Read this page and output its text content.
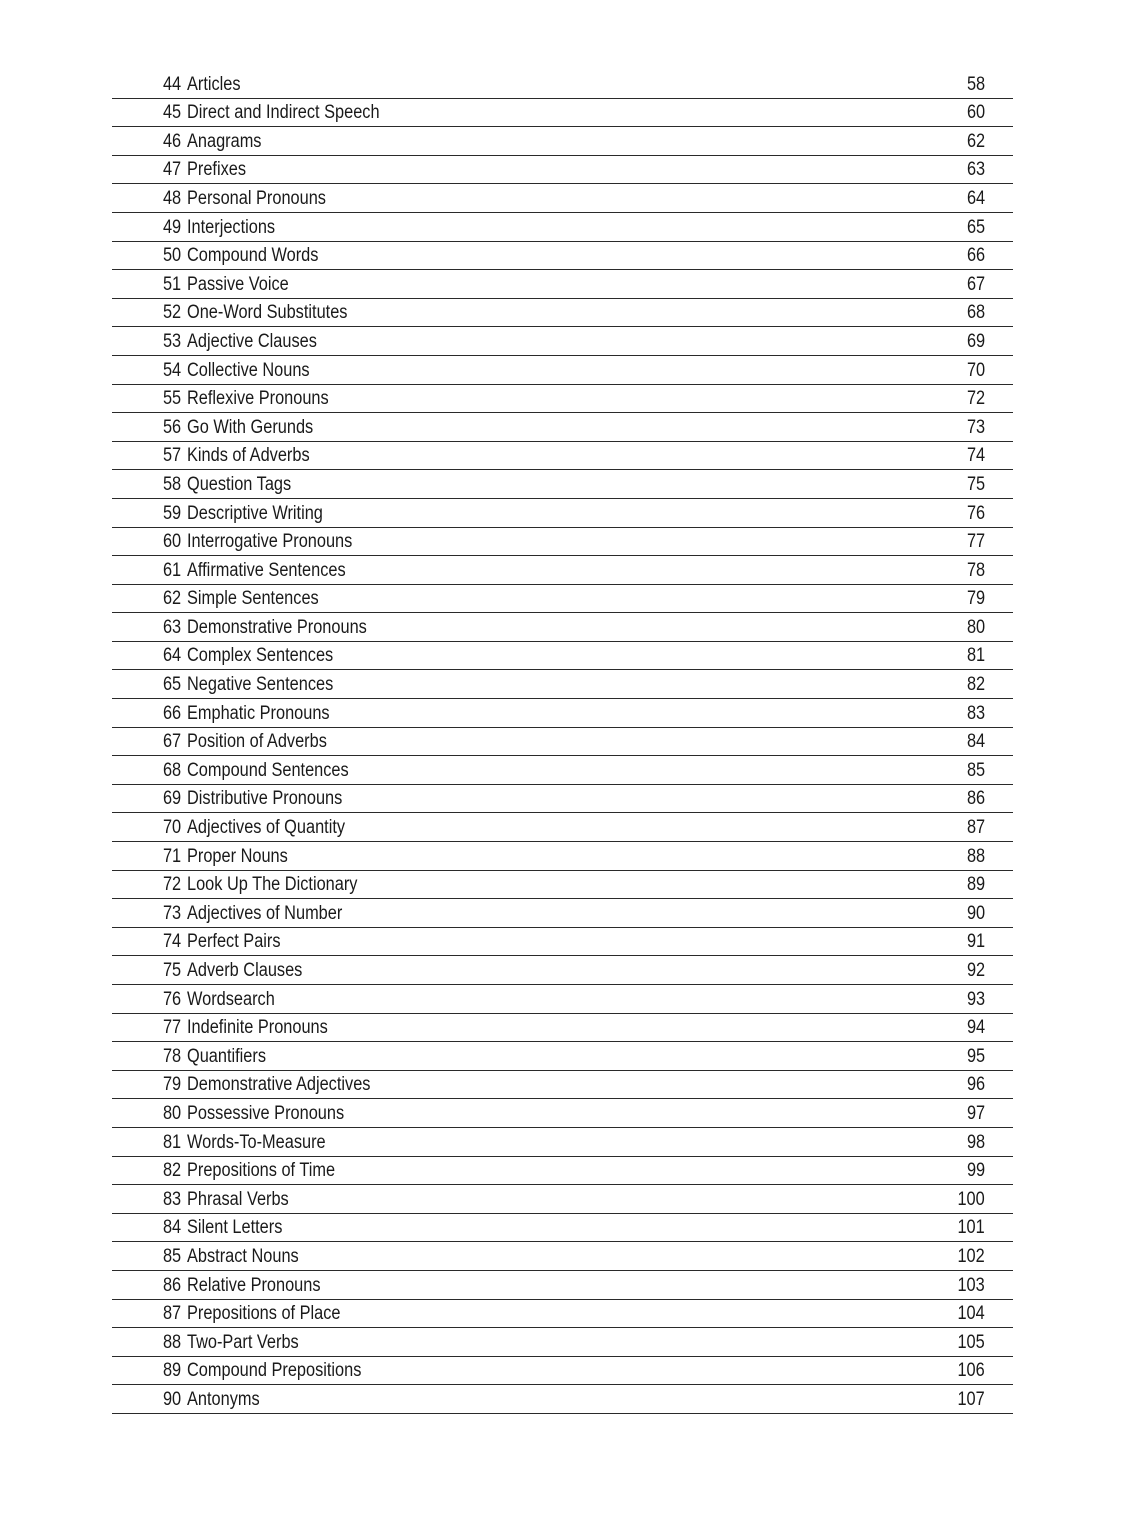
44 Articles	58
45 Direct and Indirect Speech	60
46 Anagrams	62
47 Prefixes	63
48 Personal Pronouns	64
49 Interjections	65
50 Compound Words	66
51 Passive Voice	67
52 One-Word Substitutes	68
53 Adjective Clauses	69
54 Collective Nouns	70
55 Reflexive Pronouns	72
56 Go With Gerunds	73
57 Kinds of Adverbs	74
58 Question Tags	75
59 Descriptive Writing	76
60 Interrogative Pronouns	77
61 Affirmative Sentences	78
62 Simple Sentences	79
63 Demonstrative Pronouns	80
64 Complex Sentences	81
65 Negative Sentences	82
66 Emphatic Pronouns	83
67 Position of Adverbs	84
68 Compound Sentences	85
69 Distributive Pronouns	86
70 Adjectives of Quantity	87
71 Proper Nouns	88
72 Look Up The Dictionary	89
73 Adjectives of Number	90
74 Perfect Pairs	91
75 Adverb Clauses	92
76 Wordsearch	93
77 Indefinite Pronouns	94
78 Quantifiers	95
79 Demonstrative Adjectives	96
80 Possessive Pronouns	97
81 Words-To-Measure	98
82 Prepositions of Time	99
83 Phrasal Verbs	100
84 Silent Letters	101
85 Abstract Nouns	102
86 Relative Pronouns	103
87 Prepositions of Place	104
88 Two-Part Verbs	105
89 Compound Prepositions	106
90 Antonyms	107
